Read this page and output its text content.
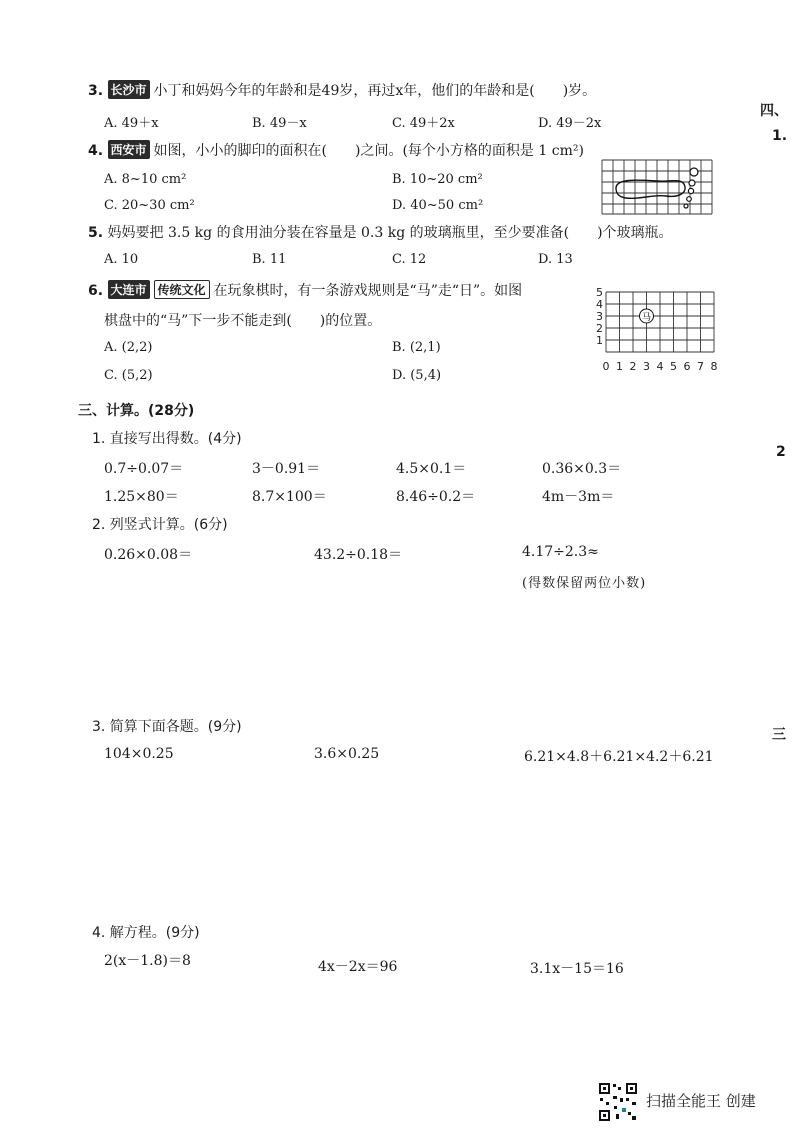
3. 长沙市 小丁和妈妈今年的年龄和是49岁，再过x年，他们的年龄和是(　　)岁。
A. 49＋x	B. 49－x	C. 49＋2x	D. 49－2x
4. 西安市 如图，小小的脚印的面积在(　　)之间。(每个小方格的面积是 1 cm²)
A. 8~10 cm²	B. 10~20 cm²
C. 20~30 cm²	D. 40~50 cm²
5. 妈妈要把 3.5 kg 的食用油分装在容量是 0.3 kg 的玻璃瓶里，至少要准备(　　)个玻璃瓶。
A. 10	B. 11	C. 12	D. 13
6. 大连市 传统文化 在玩象棋时，有一条游戏规则是“马”走“日”。如图
棋盘中的“马”下一步不能走到(　　)的位置。
A. (2,2)	B. (2,1)
C. (5,2)	D. (5,4)
马
5
4
3
2
1
0 1 2 3 4 5 6 7 8
三、计算。(28分)
1. 直接写出得数。(4分)
0.7÷0.07＝	3－0.91＝	4.5×0.1＝	0.36×0.3＝
1.25×80＝	8.7×100＝	8.46÷0.2＝	4m－3m＝
2. 列竖式计算。(6分)
0.26×0.08＝	43.2÷0.18＝	4.17÷2.3≈
(得数保留两位小数)
3. 简算下面各题。(9分)
104×0.25	3.6×0.25	6.21×4.8＋6.21×4.2＋6.21
4. 解方程。(9分)
2(x－1.8)＝8	4x－2x＝96	3.1x－15＝16
四、
1.
2
三
扫描全能王 创建
